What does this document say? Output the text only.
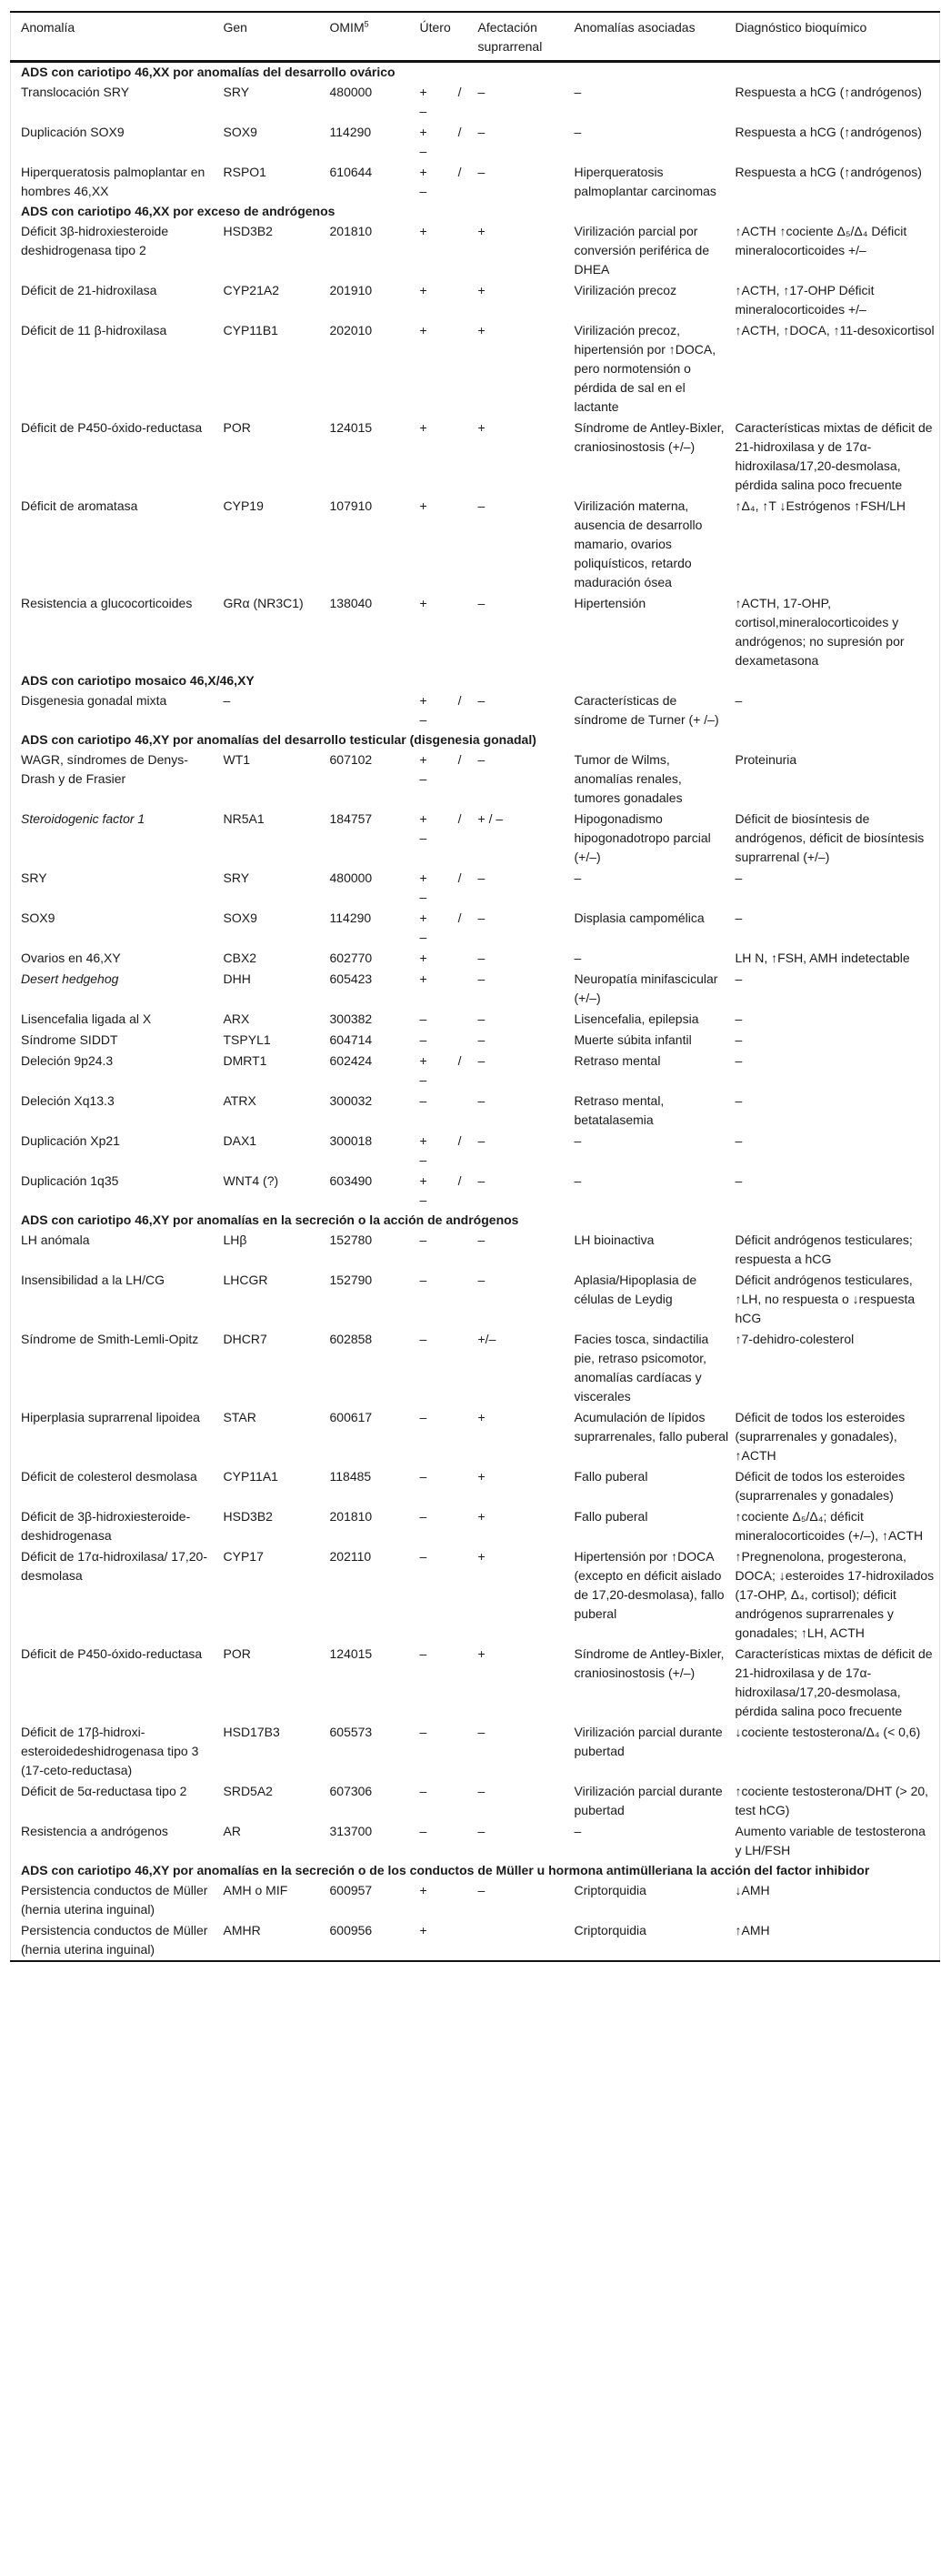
Anomalía	Gen	OMIM$^5$	Útero	Afectación suprarrenal	Anomalías asociadas	Diagnóstico bioquímico
ADS con cariotipo 46,XX por anomalías del desarrollo ovárico						
Translocación SRY	SRY	480000	+ / –	–	–	Respuesta a hCG (↑andrógenos)
Duplicación SOX9	SOX9	114290	+ / –	–	–	Respuesta a hCG (↑andrógenos)
Hiperqueratosis palmoplantar en hombres 46,XX	RSPO1	610644	+ / –	–	Hiperqueratosis palmoplantar carcinomas	Respuesta a hCG (↑andrógenos)
ADS con cariotipo 46,XX por exceso de andrógenos						
Déficit 3β-hidroxiesteroide deshidrogenasa tipo 2	HSD3B2	201810	+	+	Virilización parcial por conversión periférica de DHEA	↑ACTH ↑cociente Δ₅/Δ₄ Déficit mineralocorticoides +/–
Déficit de 21-hidroxilasa	CYP21A2	201910	+	+	Virilización precoz	↑ACTH, ↑17-OHP Déficit mineralocorticoides +/–
Déficit de 11 β-hidroxilasa	CYP11B1	202010	+	+	Virilización precoz, hipertensión por ↑DOCA, pero normotensión o pérdida de sal en el lactante	↑ACTH, ↑DOCA, ↑11-desoxicortisol
Déficit de P450-óxido-reductasa	POR	124015	+	+	Síndrome de Antley-Bixler, craniosinostosis (+/–)	Características mixtas de déficit de 21-hidroxilasa y de 17α-hidroxilasa/17,20-desmolasa, pérdida salina poco frecuente
Déficit de aromatasa	CYP19	107910	+	–	Virilización materna, ausencia de desarrollo mamario, ovarios poliquísticos, retardo maduración ósea	↑Δ₄, ↑T ↓Estrógenos ↑FSH/LH
Resistencia a glucocorticoides	GRα (NR3C1)	138040	+	–	Hipertensión	↑ACTH, 17-OHP, cortisol,mineralocorticoides y andrógenos; no supresión por dexametasona
ADS con cariotipo mosaico 46,X/46,XY						
Disgenesia gonadal mixta	–		+ / –	–	Características de síndrome de Turner (+ /–)	–
ADS con cariotipo 46,XY por anomalías del desarrollo testicular (disgenesia gonadal)						
WAGR, síndromes de Denys-Drash y de Frasier	WT1	607102	+ / –	–	Tumor de Wilms, anomalías renales, tumores gonadales	Proteinuria
Steroidogenic factor 1	NR5A1	184757	+ / –	+ / –	Hipogonadismo hipogonadotropo parcial (+/–)	Déficit de biosíntesis de andrógenos, déficit de biosíntesis suprarrenal (+/–)
SRY	SRY	480000	+ / –	–	–	–
SOX9	SOX9	114290	+ / –	–	Displasia campomélica	–
Ovarios en 46,XY	CBX2	602770	+	–	–	LH N, ↑FSH, AMH indetectable
Desert hedgehog	DHH	605423	+	–	Neuropatía minifascicular (+/–)	–
Lisencefalia ligada al X	ARX	300382	–	–	Lisencefalia, epilepsia	–
Síndrome SIDDT	TSPYL1	604714	–	–	Muerte súbita infantil	–
Deleción 9p24.3	DMRT1	602424	+ / –	–	Retraso mental	–
Deleción Xq13.3	ATRX	300032	–	–	Retraso mental, betatalasemia	–
Duplicación Xp21	DAX1	300018	+ / –	–	–	–
Duplicación 1q35	WNT4 (?)	603490	+ / –	–	–	–
ADS con cariotipo 46,XY por anomalías en la secreción o la acción de andrógenos						
LH anómala	LHβ	152780	–	–	LH bioinactiva	Déficit andrógenos testiculares; respuesta a hCG
Insensibilidad a la LH/CG	LHCGR	152790	–	–	Aplasia/Hipoplasia de células de Leydig	Déficit andrógenos testiculares, ↑LH, no respuesta o ↓respuesta hCG
Síndrome de Smith-Lemli-Opitz	DHCR7	602858	–	+/–	Facies tosca, sindactilia pie, retraso psicomotor, anomalías cardíacas y viscerales	↑7-dehidro-colesterol
Hiperplasia suprarrenal lipoidea	STAR	600617	–	+	Acumulación de lípidos suprarrenales, fallo puberal	Déficit de todos los esteroides (suprarrenales y gonadales), ↑ACTH
Déficit de colesterol desmolasa	CYP11A1	118485	–	+	Fallo puberal	Déficit de todos los esteroides (suprarrenales y gonadales)
Déficit de 3β-hidroxiesteroide-deshidrogenasa	HSD3B2	201810	–	+	Fallo puberal	↑cociente Δ₅/Δ₄; déficit mineralocorticoides (+/–), ↑ACTH
Déficit de 17α-hidroxilasa/ 17,20-desmolasa	CYP17	202110	–	+	Hipertensión por ↑DOCA (excepto en déficit aislado de 17,20-desmolasa), fallo puberal	↑Pregnenolona, progesterona, DOCA; ↓esteroides 17-hidroxilados (17-OHP, Δ₄, cortisol); déficit andrógenos suprarrenales y gonadales; ↑LH, ACTH
Déficit de P450-óxido-reductasa	POR	124015	–	+	Síndrome de Antley-Bixler, craniosinostosis (+/–)	Características mixtas de déficit de 21-hidroxilasa y de 17α-hidroxilasa/17,20-desmolasa, pérdida salina poco frecuente
Déficit de 17β-hidroxi-esteroidedeshidrogenasa tipo 3 (17-ceto-reductasa)	HSD17B3	605573	–	–	Virilización parcial durante pubertad	↓cociente testosterona/Δ₄ (< 0,6)
Déficit de 5α-reductasa tipo 2	SRD5A2	607306	–	–	Virilización parcial durante pubertad	↑cociente testosterona/DHT (> 20, test hCG)
Resistencia a andrógenos	AR	313700	–	–	–	Aumento variable de testosterona y LH/FSH
ADS con cariotipo 46,XY por anomalías en la secreción o de los conductos de Müller u hormona antimülleriana la acción del factor inhibidor						
Persistencia conductos de Müller (hernia uterina inguinal)	AMH o MIF	600957	+	–	Criptorquidia	↓AMH
Persistencia conductos de Müller (hernia uterina inguinal)	AMHR	600956	+		Criptorquidia	↑AMH
